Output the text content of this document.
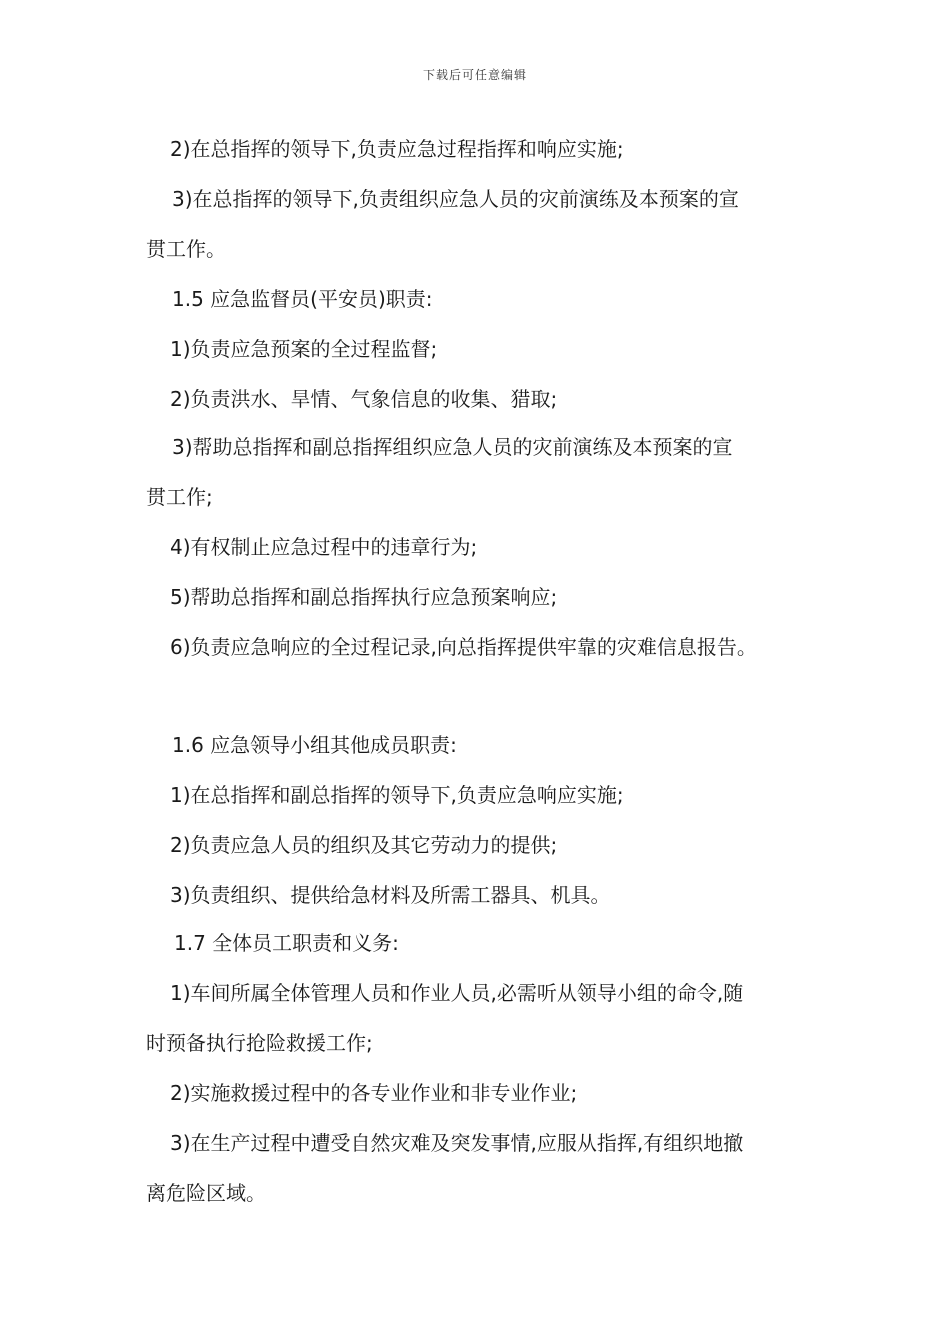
下载后可任意编辑
2)在总指挥的领导下,负责应急过程指挥和响应实施;
3)在总指挥的领导下,负责组织应急人员的灾前演练及本预案的宣
贯工作。
1.5 应急监督员(平安员)职责:
1)负责应急预案的全过程监督;
2)负责洪水、旱情、气象信息的收集、猎取;
3)帮助总指挥和副总指挥组织应急人员的灾前演练及本预案的宣
贯工作;
4)有权制止应急过程中的违章行为;
5)帮助总指挥和副总指挥执行应急预案响应;
6)负责应急响应的全过程记录,向总指挥提供牢靠的灾难信息报告。
1.6 应急领导小组其他成员职责:
1)在总指挥和副总指挥的领导下,负责应急响应实施;
2)负责应急人员的组织及其它劳动力的提供;
3)负责组织、提供给急材料及所需工器具、机具。
1.7 全体员工职责和义务:
1)车间所属全体管理人员和作业人员,必需听从领导小组的命令,随
时预备执行抢险救援工作;
2)实施救援过程中的各专业作业和非专业作业;
3)在生产过程中遭受自然灾难及突发事情,应服从指挥,有组织地撤
离危险区域。
